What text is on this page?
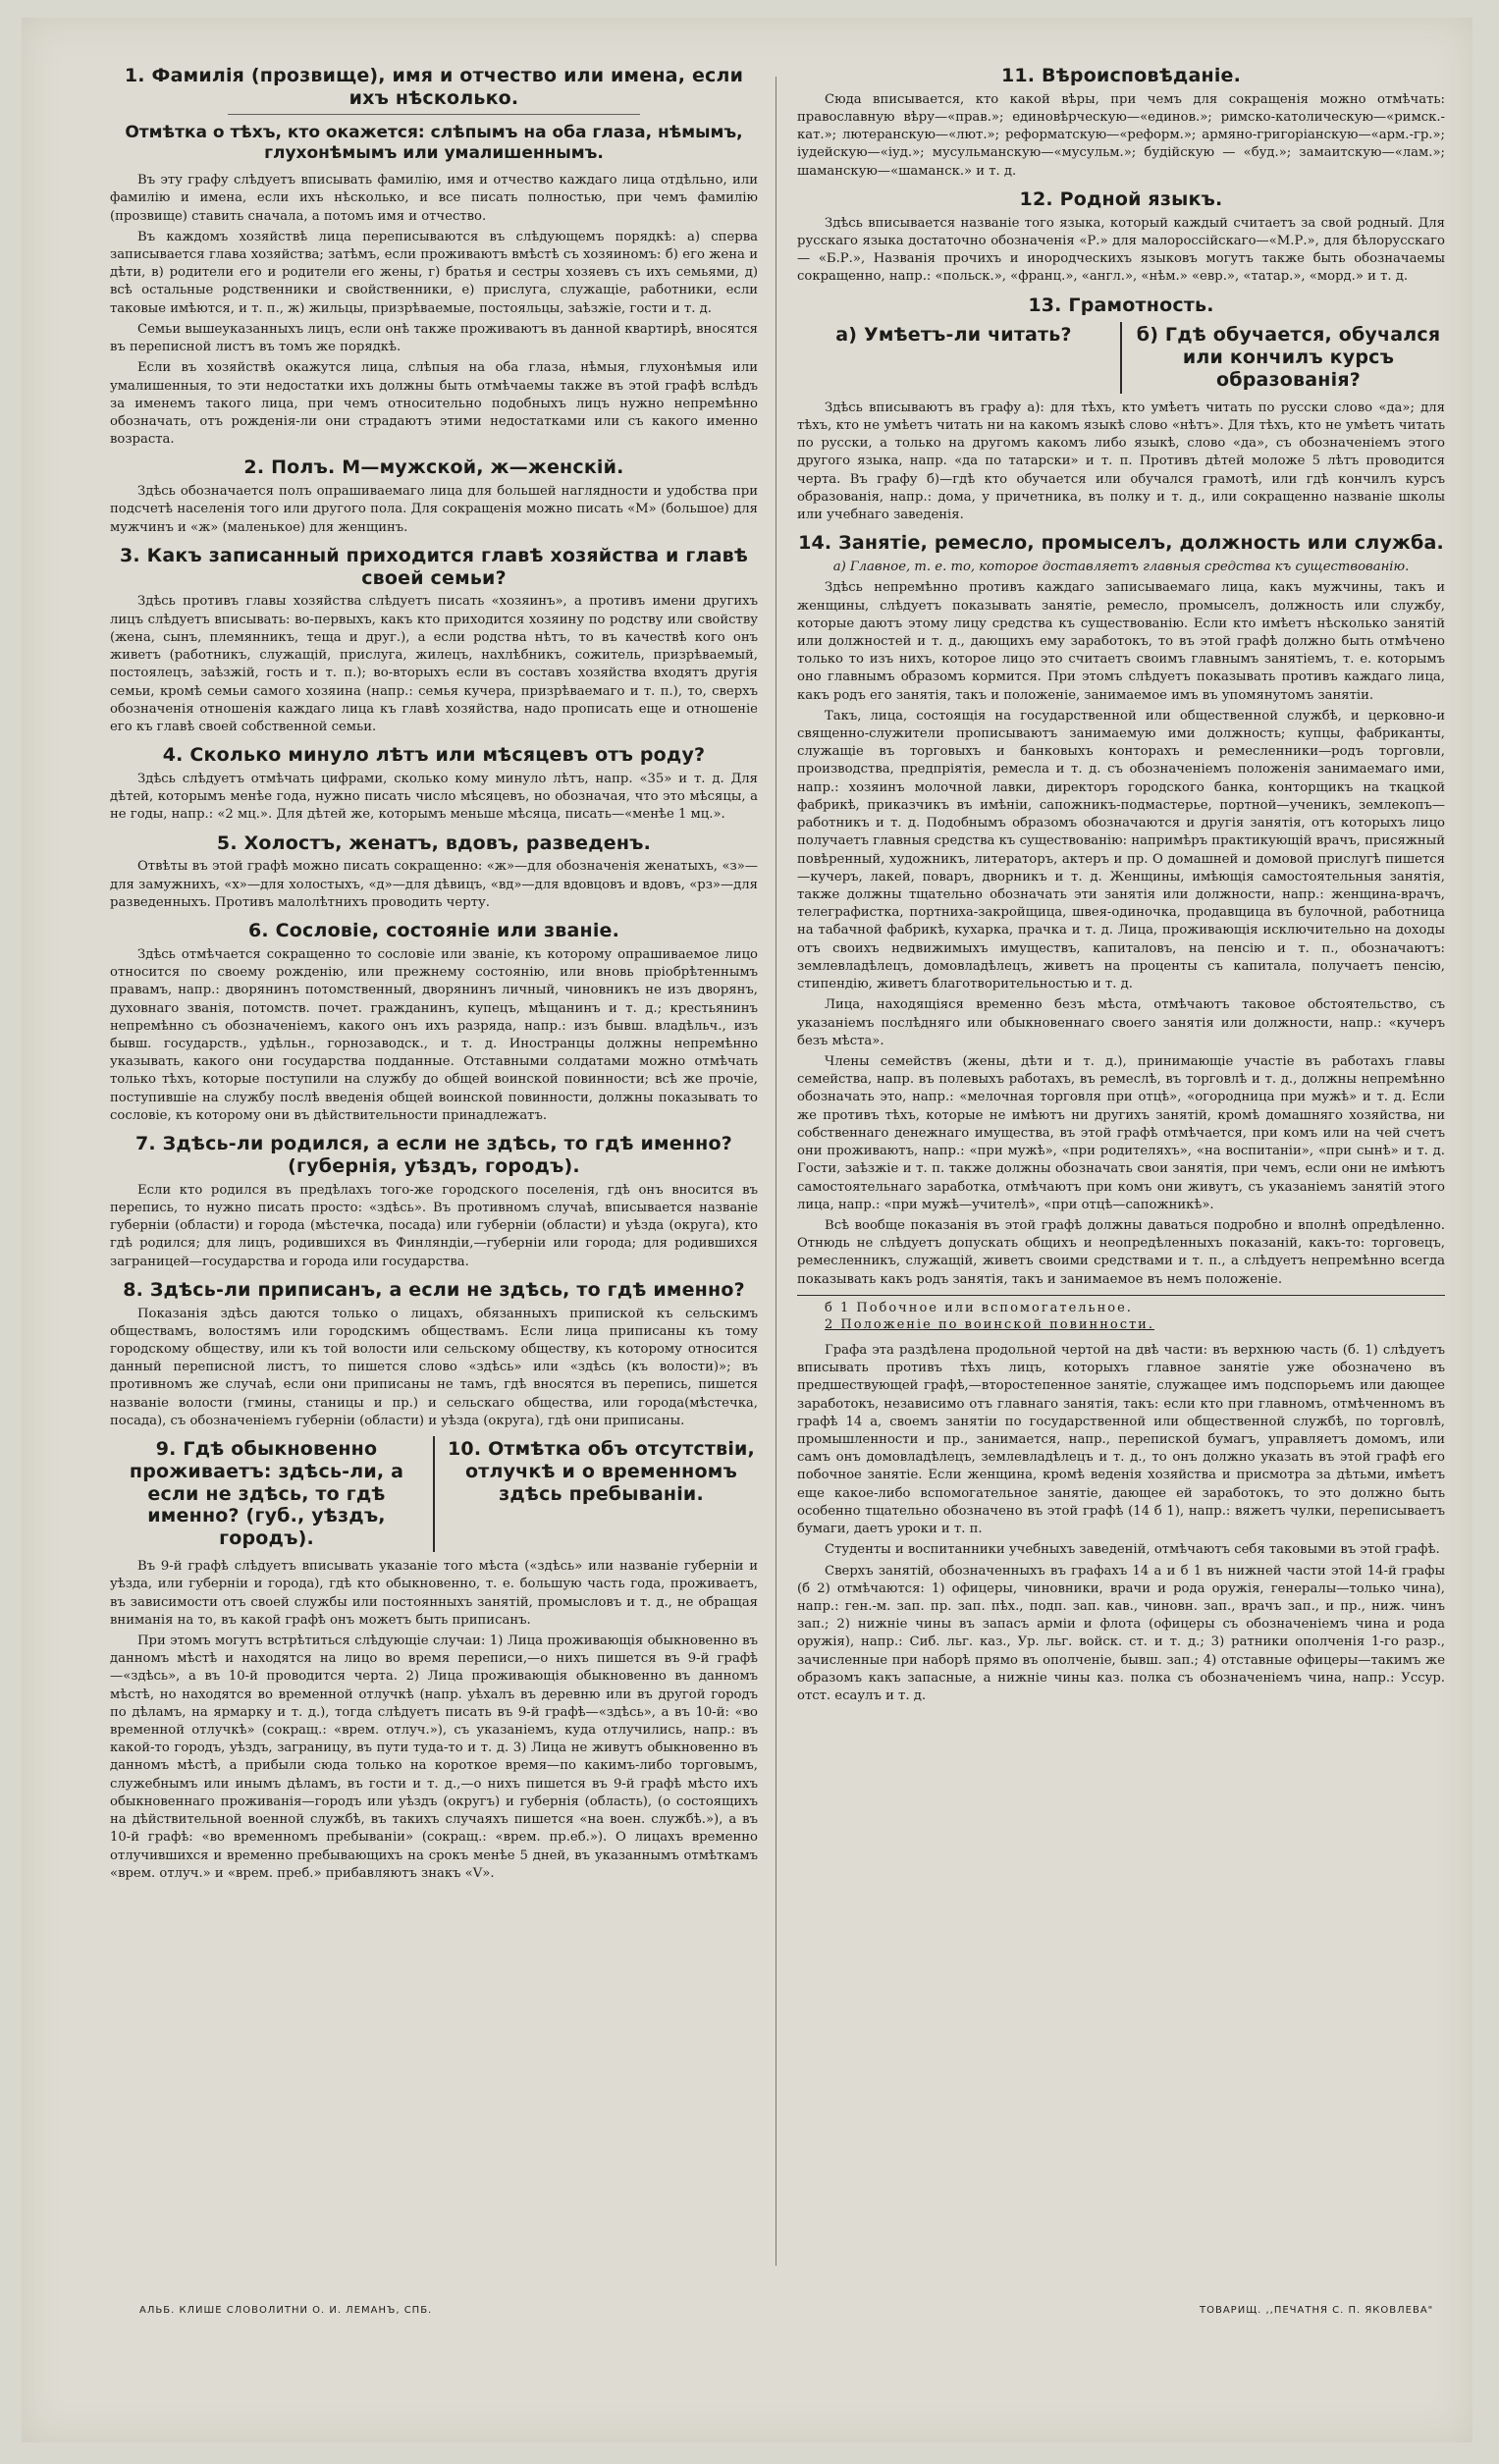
1. Фамилія (прозвище), имя и отчество или имена, если ихъ нѣсколько.
Отмѣтка о тѣхъ, кто окажется: слѣпымъ на оба глаза, нѣмымъ, глухонѣмымъ или умалишеннымъ.

Въ эту графу слѣдуетъ вписывать фамилію, имя и отчество каждаго лица отдѣльно, или фамилію и имена, если ихъ нѣсколько, и все писать полностью, при чемъ фамилію (прозвище) ставить сначала, а потомъ имя и отчество.

Въ каждомъ хозяйствѣ лица переписываются въ слѣдующемъ порядкѣ: а) сперва записывается глава хозяйства; затѣмъ, если проживаютъ вмѣстѣ съ хозяиномъ: б) его жена и дѣти, в) родители его и родители его жены, г) братья и сестры хозяевъ съ ихъ семьями, д) всѣ остальные родственники и свойственники, е) прислуга, служащіе, работники, если таковые имѣются, и т. п., ж) жильцы, призрѣваемые, постояльцы, заѣзжіе, гости и т. д.

Семьи вышеуказанныхъ лицъ, если онѣ также проживаютъ въ данной квартирѣ, вносятся въ переписной листъ въ томъ же порядкѣ.

Если въ хозяйствѣ окажутся лица, слѣпыя на оба глаза, нѣмыя, глухонѣмыя или умалишенныя, то эти недостатки ихъ должны быть отмѣчаемы также въ этой графѣ вслѣдъ за именемъ такого лица, при чемъ относительно подобныхъ лицъ нужно непремѣнно обозначать, отъ рожденія-ли они страдаютъ этими недостатками или съ какого именно возраста.

2. Полъ. М—мужской, ж—женскій.

Здѣсь обозначается полъ опрашиваемаго лица для большей наглядности и удобства при подсчетѣ населенія того или другого пола. Для сокращенія можно писать «М» (большое) для мужчинъ и «ж» (маленькое) для женщинъ.

3. Какъ записанный приходится главѣ хозяйства и главѣ своей семьи?

Здѣсь противъ главы хозяйства слѣдуетъ писать «хозяинъ», а противъ имени другихъ лицъ слѣдуетъ вписывать: во-первыхъ, какъ кто приходится хозяину по родству или свойству (жена, сынъ, племянникъ, теща и друг.), а если родства нѣтъ, то въ качествѣ кого онъ живетъ (работникъ, служащій, прислуга, жилецъ, нахлѣбникъ, сожитель, призрѣваемый, постоялецъ, заѣзжій, гость и т. п.); во-вторыхъ если въ составъ хозяйства входятъ другія семьи, кромѣ семьи самого хозяина (напр.: семья кучера, призрѣваемаго и т. п.), то, сверхъ обозначенія отношенія каждаго лица къ главѣ хозяйства, надо прописать еще и отношеніе его къ главѣ своей собственной семьи.

4. Сколько минуло лѣтъ или мѣсяцевъ отъ роду?

Здѣсь слѣдуетъ отмѣчать цифрами, сколько кому минуло лѣтъ, напр. «35» и т. д. Для дѣтей, которымъ менѣе года, нужно писать число мѣсяцевъ, но обозначая, что это мѣсяцы, а не годы, напр.: «2 мц.». Для дѣтей же, которымъ меньше мѣсяца, писать—«менѣе 1 мц.».

5. Холостъ, женатъ, вдовъ, разведенъ.

Отвѣты въ этой графѣ можно писать сокращенно: «ж»—для обозначенія женатыхъ, «з»—для замужнихъ, «х»—для холостыхъ, «д»—для дѣвицъ, «вд»—для вдовцовъ и вдовъ, «рз»—для разведенныхъ. Противъ малолѣтнихъ проводить черту.

6. Сословіе, состояніе или званіе.

Здѣсь отмѣчается сокращенно то сословіе или званіе, къ которому опрашиваемое лицо относится по своему рожденію, или прежнему состоянію, или вновь пріобрѣтеннымъ правамъ, напр.: дворянинъ потомственный, дворянинъ личный, чиновникъ не изъ дворянъ, духовнаго званія, потомств. почет. гражданинъ, купецъ, мѣщанинъ и т. д.; крестьянинъ непремѣнно съ обозначеніемъ, какого онъ ихъ разряда, напр.: изъ бывш. владѣльч., изъ бывш. государств., удѣльн., горнозаводск., и т. д. Иностранцы должны непремѣнно указывать, какого они государства подданные. Отставными солдатами можно отмѣчать только тѣхъ, которые поступили на службу до общей воинской повинности; всѣ же прочіе, поступившіе на службу послѣ введенія общей воинской повинности, должны показывать то сословіе, къ которому они въ дѣйствительности принадлежатъ.

7. Здѣсь-ли родился, а если не здѣсь, то гдѣ именно? (губернія, уѣздъ, городъ).

Если кто родился въ предѣлахъ того-же городского поселенія, гдѣ онъ вносится въ перепись, то нужно писать просто: «здѣсь». Въ противномъ случаѣ, вписывается названіе губерніи (области) и города (мѣстечка, посада) или губерніи (области) и уѣзда (округа), кто гдѣ родился; для лицъ, родившихся въ Финляндіи,—губерніи или города; для родившихся заграницей—государства и города или государства.

8. Здѣсь-ли приписанъ, а если не здѣсь, то гдѣ именно?

Показанія здѣсь даются только о лицахъ, обязанныхъ припиской къ сельскимъ обществамъ, волостямъ или городскимъ обществамъ. Если лица приписаны къ тому городскому обществу, или къ той волости или сельскому обществу, къ которому относится данный переписной листъ, то пишется слово «здѣсь» или «здѣсь (къ волости)»; въ противномъ же случаѣ, если они приписаны не тамъ, гдѣ вносятся въ перепись, пишется названіе волости (гмины, станицы и пр.) и сельскаго общества, или города(мѣстечка, посада), съ обозначеніемъ губерніи (области) и уѣзда (округа), гдѣ они приписаны.

9. Гдѣ обыкновенно проживаетъ: здѣсь-ли, а если не здѣсь, то гдѣ именно? (губ., уѣздъ, городъ).
10. Отмѣтка объ отсутствіи, отлучкѣ и о временномъ здѣсь пребываніи.

Въ 9-й графѣ слѣдуетъ вписывать указаніе того мѣста («здѣсь» или названіе губерніи и уѣзда, или губерніи и города), гдѣ кто обыкновенно, т. е. большую часть года, проживаетъ, въ зависимости отъ своей службы или постоянныхъ занятій, промысловъ и т. д., не обращая вниманія на то, въ какой графѣ онъ можетъ быть приписанъ.

При этомъ могутъ встрѣтиться слѣдующіе случаи: 1) Лица проживающія обыкновенно въ данномъ мѣстѣ и находятся на лицо во время переписи,—о нихъ пишется въ 9-й графѣ—«здѣсь», а въ 10-й проводится черта. 2) Лица проживающія обыкновенно въ данномъ мѣстѣ, но находятся во временной отлучкѣ (напр. уѣхалъ въ деревню или въ другой городъ по дѣламъ, на ярмарку и т. д.), тогда слѣдуетъ писать въ 9-й графѣ—«здѣсь», а въ 10-й: «во временной отлучкѣ» (сокращ.: «врем. отлуч.»), съ указаніемъ, куда отлучились, напр.: въ какой-то городъ, уѣздъ, заграницу, въ пути туда-то и т. д. 3) Лица не живутъ обыкновенно въ данномъ мѣстѣ, а прибыли сюда только на короткое время—по какимъ-либо торговымъ, служебнымъ или инымъ дѣламъ, въ гости и т. д.,—о нихъ пишется въ 9-й графѣ мѣсто ихъ обыкновеннаго проживанія—городъ или уѣздъ (округъ) и губернія (область), (о состоящихъ на дѣйствительной военной службѣ, въ такихъ случаяхъ пишется «на воен. службѣ.»), а въ 10-й графѣ: «во временномъ пребываніи» (сокращ.: «врем. пр.еб.»). О лицахъ временно отлучившихся и временно пребывающихъ на срокъ менѣе 5 дней, въ указаннымъ отмѣткамъ «врем. отлуч.» и «врем. преб.» прибавляютъ знакъ «V».

11. Вѣроисповѣданіе.

Сюда вписывается, кто какой вѣры, при чемъ для сокращенія можно отмѣчать: православную вѣру—«прав.»; единовѣрческую—«единов.»; римско-католическую—«римск.-кат.»; лютеранскую—«лют.»; реформатскую—«реформ.»; армяно-григоріанскую—«арм.-гр.»; іудейскую—«іуд.»; мусульманскую—«мусульм.»; будійскую — «буд.»; замаитскую—«лам.»; шаманскую—«шаманск.» и т. д.

12. Родной языкъ.

Здѣсь вписывается названіе того языка, который каждый считаетъ за свой родный. Для русскаго языка достаточно обозначенія «Р.» для малороссійскаго—«М.Р.», для бѣлорусскаго — «Б.Р.», Названія прочихъ и инородческихъ языковъ могутъ также быть обозначаемы сокращенно, напр.: «польск.», «франц.», «англ.», «нѣм.» «евр.», «татар.», «морд.» и т. д.

13. Грамотность.
а) Умѣетъ-ли читать?	б) Гдѣ обучается, обучался или кончилъ курсъ образованія?

Здѣсь вписываютъ въ графу а): для тѣхъ, кто умѣетъ читать по русски слово «да»; для тѣхъ, кто не умѣетъ читать ни на какомъ языкѣ слово «нѣтъ». Для тѣхъ, кто не умѣетъ читать по русски, а только на другомъ какомъ либо языкѣ, слово «да», съ обозначеніемъ этого другого языка, напр. «да по татарски» и т. п. Противъ дѣтей моложе 5 лѣтъ проводится черта. Въ графу б)—гдѣ кто обучается или обучался грамотѣ, или гдѣ кончилъ курсъ образованія, напр.: дома, у причетника, въ полку и т. д., или сокращенно названіе школы или учебнаго заведенія.

14. Занятіе, ремесло, промыселъ, должность или служба.

а) Главное, т. е. то, которое доставляетъ главныя средства къ существованію.

Здѣсь непремѣнно противъ каждаго записываемаго лица, какъ мужчины, такъ и женщины, слѣдуетъ показывать занятіе, ремесло, промыселъ, должность или службу, которые даютъ этому лицу средства къ существованію. Если кто имѣетъ нѣсколько занятій или должностей и т. д., дающихъ ему заработокъ, то въ этой графѣ должно быть отмѣчено только то изъ нихъ, которое лицо это считаетъ своимъ главнымъ занятіемъ, т. е. которымъ оно главнымъ образомъ кормится. При этомъ слѣдуетъ показывать противъ каждаго лица, какъ родъ его занятія, такъ и положеніе, занимаемое имъ въ упомянутомъ занятіи.

Такъ, лица, состоящія на государственной или общественной службѣ, и церковно-и священно-служители прописываютъ занимаемую ими должность; купцы, фабриканты, служащіе въ торговыхъ и банковыхъ конторахъ и ремесленники—родъ торговли, производства, предпріятія, ремесла и т. д. съ обозначеніемъ положенія занимаемаго ими, напр.: хозяинъ молочной лавки, директоръ городского банка, конторщикъ на ткацкой фабрикѣ, приказчикъ въ имѣніи, сапожникъ-подмастерье, портной—ученикъ, землекопъ—работникъ и т. д. Подобнымъ образомъ обозначаются и другія занятія, отъ которыхъ лицо получаетъ главныя средства къ существованію: напримѣръ практикующій врачъ, присяжный повѣренный, художникъ, литераторъ, актеръ и пр. О домашней и домовой прислугѣ пишется—кучеръ, лакей, поваръ, дворникъ и т. д. Женщины, имѣющія самостоятельныя занятія, также должны тщательно обозначать эти занятія или должности, напр.: женщина-врачъ, телеграфистка, портниха-закройщица, швея-одиночка, продавщица въ булочной, работница на табачной фабрикѣ, кухарка, прачка и т. д. Лица, проживающія исключительно на доходы отъ своихъ недвижимыхъ имуществъ, капиталовъ, на пенсію и т. п., обозначаютъ: землевладѣлецъ, домовладѣлецъ, живетъ на проценты съ капитала, получаетъ пенсію, стипендію, живетъ благотворительностью и т. д.

Лица, находящіяся временно безъ мѣста, отмѣчаютъ таковое обстоятельство, съ указаніемъ послѣдняго или обыкновеннаго своего занятія или должности, напр.: «кучеръ безъ мѣста».

Члены семействъ (жены, дѣти и т. д.), принимающіе участіе въ работахъ главы семейства, напр. въ полевыхъ работахъ, въ ремеслѣ, въ торговлѣ и т. д., должны непремѣнно обозначать это, напр.: «мелочная торговля при отцѣ», «огородница при мужѣ» и т. д. Если же противъ тѣхъ, которые не имѣютъ ни другихъ занятій, кромѣ домашняго хозяйства, ни собственнаго денежнаго имущества, въ этой графѣ отмѣчается, при комъ или на чей счетъ они проживаютъ, напр.: «при мужѣ», «при родителяхъ», «на воспитаніи», «при сынѣ» и т. д. Гости, заѣзжіе и т. п. также должны обозначать свои занятія, при чемъ, если они не имѣютъ самостоятельнаго заработка, отмѣчаютъ при комъ они живутъ, съ указаніемъ занятій этого лица, напр.: «при мужѣ—учителѣ», «при отцѣ—сапожникѣ».

Всѣ вообще показанія въ этой графѣ должны даваться подробно и вполнѣ опредѣленно. Отнюдь не слѣдуетъ допускать общихъ и неопредѣленныхъ показаній, какъ-то: торговецъ, ремесленникъ, служащій, живетъ своими средствами и т. п., а слѣдуетъ непремѣнно всегда показывать какъ родъ занятія, такъ и занимаемое въ немъ положеніе.

б 1 Побочное или вспомогательное.

2 Положеніе по воинской повинности.

Графа эта раздѣлена продольной чертой на двѣ части: въ верхнюю часть (б. 1) слѣдуетъ вписывать противъ тѣхъ лицъ, которыхъ главное занятіе уже обозначено въ предшествующей графѣ,—второстепенное занятіе, служащее имъ подспорьемъ или дающее заработокъ, независимо отъ главнаго занятія, такъ: если кто при главномъ, отмѣченномъ въ графѣ 14 а, своемъ занятіи по государственной или общественной службѣ, по торговлѣ, промышленности и пр., занимается, напр., перепиской бумагъ, управляетъ домомъ, или самъ онъ домовладѣлецъ, землевладѣлецъ и т. д., то онъ должно указать въ этой графѣ его побочное занятіе. Если женщина, кромѣ веденія хозяйства и присмотра за дѣтьми, имѣетъ еще какое-либо вспомогательное занятіе, дающее ей заработокъ, то это должно быть особенно тщательно обозначено въ этой графѣ (14 б 1), напр.: вяжетъ чулки, переписываетъ бумаги, даетъ уроки и т. п.

Студенты и воспитанники учебныхъ заведеній, отмѣчаютъ себя таковыми въ этой графѣ.

Сверхъ занятій, обозначенныхъ въ графахъ 14 а и б 1 въ нижней части этой 14-й графы (б 2) отмѣчаются: 1) офицеры, чиновники, врачи и рода оружія, генералы—только чина), напр.: ген.-м. зап. пр. зап. пѣх., подп. зап. кав., чиновн. зап., врачъ зап., и пр., ниж. чинъ зап.; 2) нижніе чины въ запасъ арміи и флота (офицеры съ обозначеніемъ чина и рода оружія), напр.: Сиб. льг. каз., Ур. льг. войск. ст. и т. д.; 3) ратники ополченія 1-го разр., зачисленные при наборѣ прямо въ ополченіе, бывш. зап.; 4) отставные офицеры—такимъ же образомъ какъ запасные, а нижніе чины каз. полка съ обозначеніемъ чина, напр.: Уссур. отст. есаулъ и т. д.

АЛЬБ. КЛИШЕ СЛОВОЛИТНИ О. И. ЛЕМАНЪ, СПБ.	ТОВАРИЩ. ,,ПЕЧАТНЯ С. П. ЯКОВЛЕВА"
